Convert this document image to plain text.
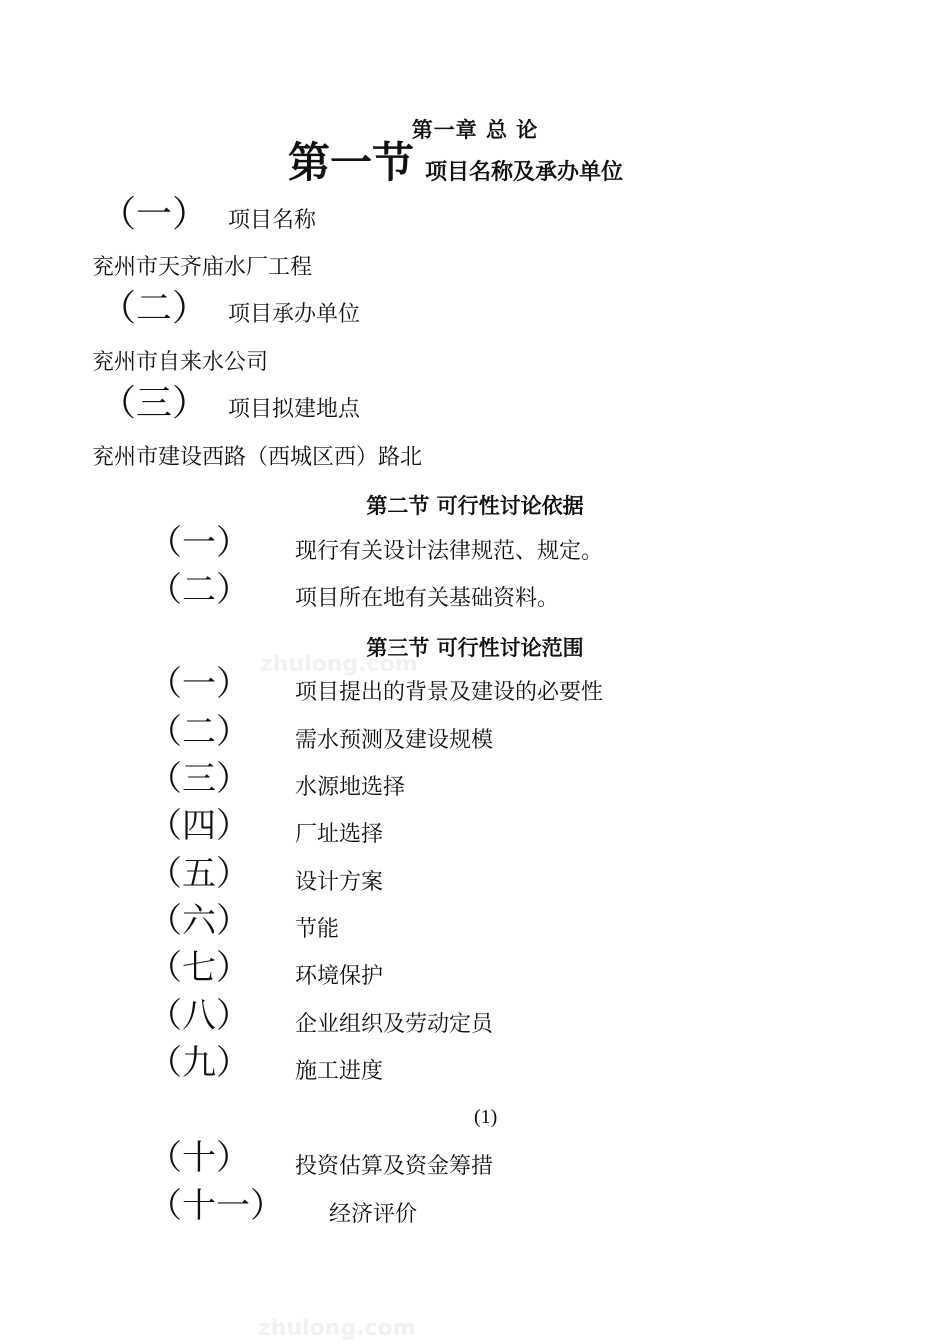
第一章 总 论
第一节 项目名称及承办单位
（一） 项目名称
兖州市天齐庙水厂工程
（二） 项目承办单位
兖州市自来水公司
（三） 项目拟建地点
兖州市建设西路（西城区西）路北
第二节 可行性讨论依据
（一） 现行有关设计法律规范、规定。
（二） 项目所在地有关基础资料。
第三节 可行性讨论范围
（一） 项目提出的背景及建设的必要性
（二） 需水预测及建设规模
（三） 水源地选择
（四） 厂址选择
（五） 设计方案
（六） 节能
（七） 环境保护
（八） 企业组织及劳动定员
（九） 施工进度
(1)
（十） 投资估算及资金筹措
（十一） 经济评价
zhulong.com
zhulong.com
